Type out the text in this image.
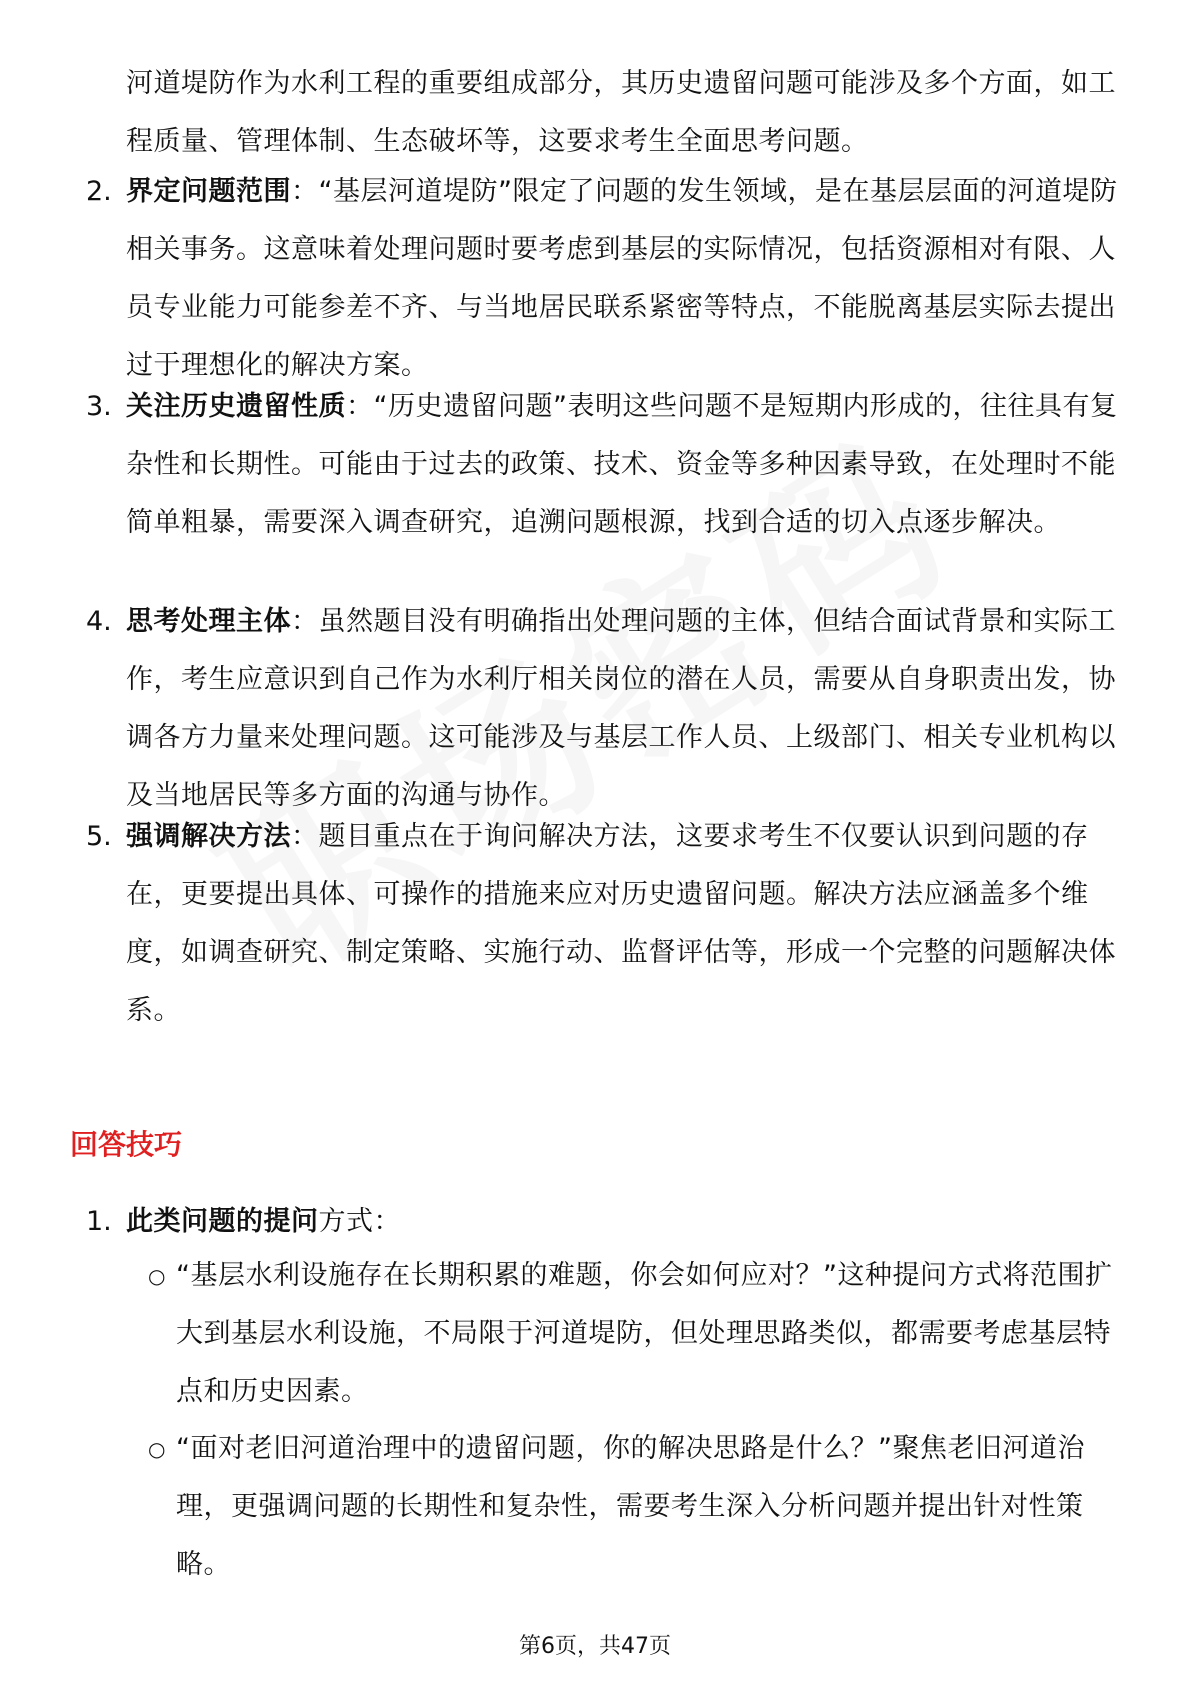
河道堤防作为水利工程的重要组成部分，其历史遗留问题可能涉及多个方面，如工程质量、管理体制、生态破坏等，这要求考生全面思考问题。

2. 界定问题范围：“基层河道堤防”限定了问题的发生领域，是在基层层面的河道堤防相关事务。这意味着处理问题时要考虑到基层的实际情况，包括资源相对有限、人员专业能力可能参差不齐、与当地居民联系紧密等特点，不能脱离基层实际去提出过于理想化的解决方案。

3. 关注历史遗留性质：“历史遗留问题”表明这些问题不是短期内形成的，往往具有复杂性和长期性。可能由于过去的政策、技术、资金等多种因素导致，在处理时不能简单粗暴，需要深入调查研究，追溯问题根源，找到合适的切入点逐步解决。

4. 思考处理主体：虽然题目没有明确指出处理问题的主体，但结合面试背景和实际工作，考生应意识到自己作为水利厅相关岗位的潜在人员，需要从自身职责出发，协调各方力量来处理问题。这可能涉及与基层工作人员、上级部门、相关专业机构以及当地居民等多方面的沟通与协作。

5. 强调解决方法：题目重点在于询问解决方法，这要求考生不仅要认识到问题的存在，更要提出具体、可操作的措施来应对历史遗留问题。解决方法应涵盖多个维度，如调查研究、制定策略、实施行动、监督评估等，形成一个完整的问题解决体系。

回答技巧
1. 此类问题的提问方式：

○ “基层水利设施存在长期积累的难题，你会如何应对？”这种提问方式将范围扩大到基层水利设施，不局限于河道堤防，但处理思路类似，都需要考虑基层特点和历史因素。

○ “面对老旧河道治理中的遗留问题，你的解决思路是什么？”聚焦老旧河道治理，更强调问题的长期性和复杂性，需要考生深入分析问题并提出针对性策略。

第6页，共47页
